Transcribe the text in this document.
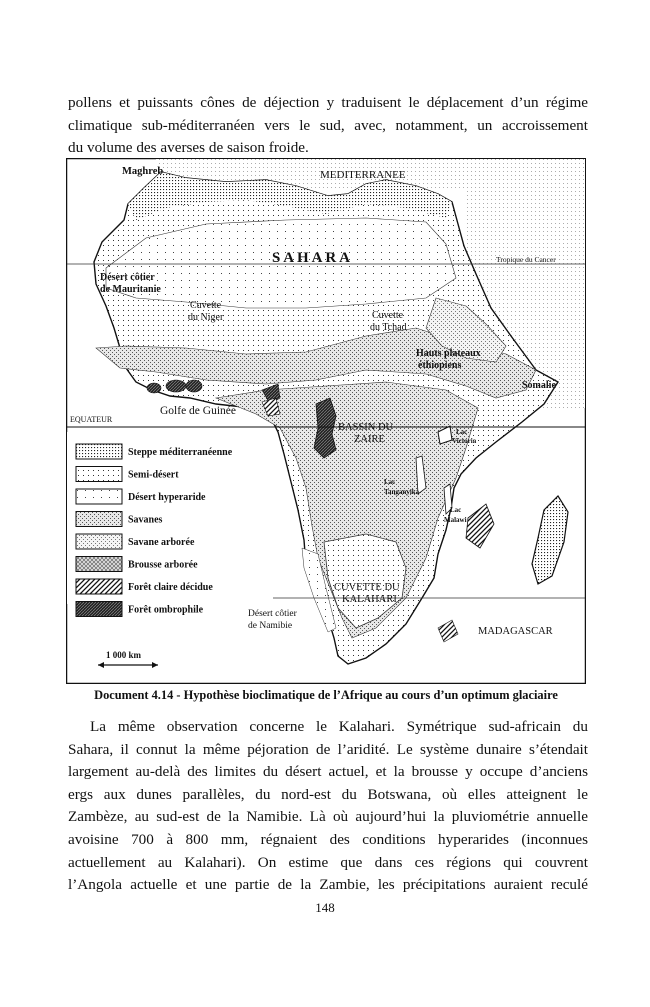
pollens et puissants cônes de déjection y traduisent le déplacement d’un régime
climatique sub-méditerranéen vers le sud, avec, notamment, un accroissement
du volume des averses de saison froide.

Maghreb	MEDITERRANEE
S A H A R A	Tropique du Cancer
Désert côtier
de Mauritanie
Cuvette
du Niger	Cuvette
du Tchad
Hauts plateaux
éthiopiens
Somalie
EQUATEUR
Golfe de Guinée
BASSIN DU
ZAIRE
Lac
Victoria
Lac
Tanganyika
Lac
Malawi
CUVETTE DU
KALAHARI
Désert côtier
de Namibie	MADAGASCAR
Steppe méditerranéenne
Semi-désert
Désert hyperaride
Savanes
Savane arborée
Brousse arborée
Forêt claire décidue
Forêt ombrophile
1 000 km
Document 4.14 - Hypothèse bioclimatique de l’Afrique au cours d’un optimum glaciaire

La même observation concerne le Kalahari. Symétrique sud-africain du
Sahara, il connut la même péjoration de l’aridité. Le système dunaire s’étendait
largement au-delà des limites du désert actuel, et la brousse y occupe d’anciens
ergs aux dunes parallèles, du nord-est du Botswana, où elles atteignent le
Zambèze, au sud-est de la Namibie. Là où aujourd’hui la pluviométrie annuelle
avoisine 700 à 800 mm, régnaient des conditions hyperarides (inconnues
actuellement au Kalahari). On estime que dans ces régions qui couvrent
l’Angola actuelle et une partie de la Zambie, les précipitations auraient reculé

148
